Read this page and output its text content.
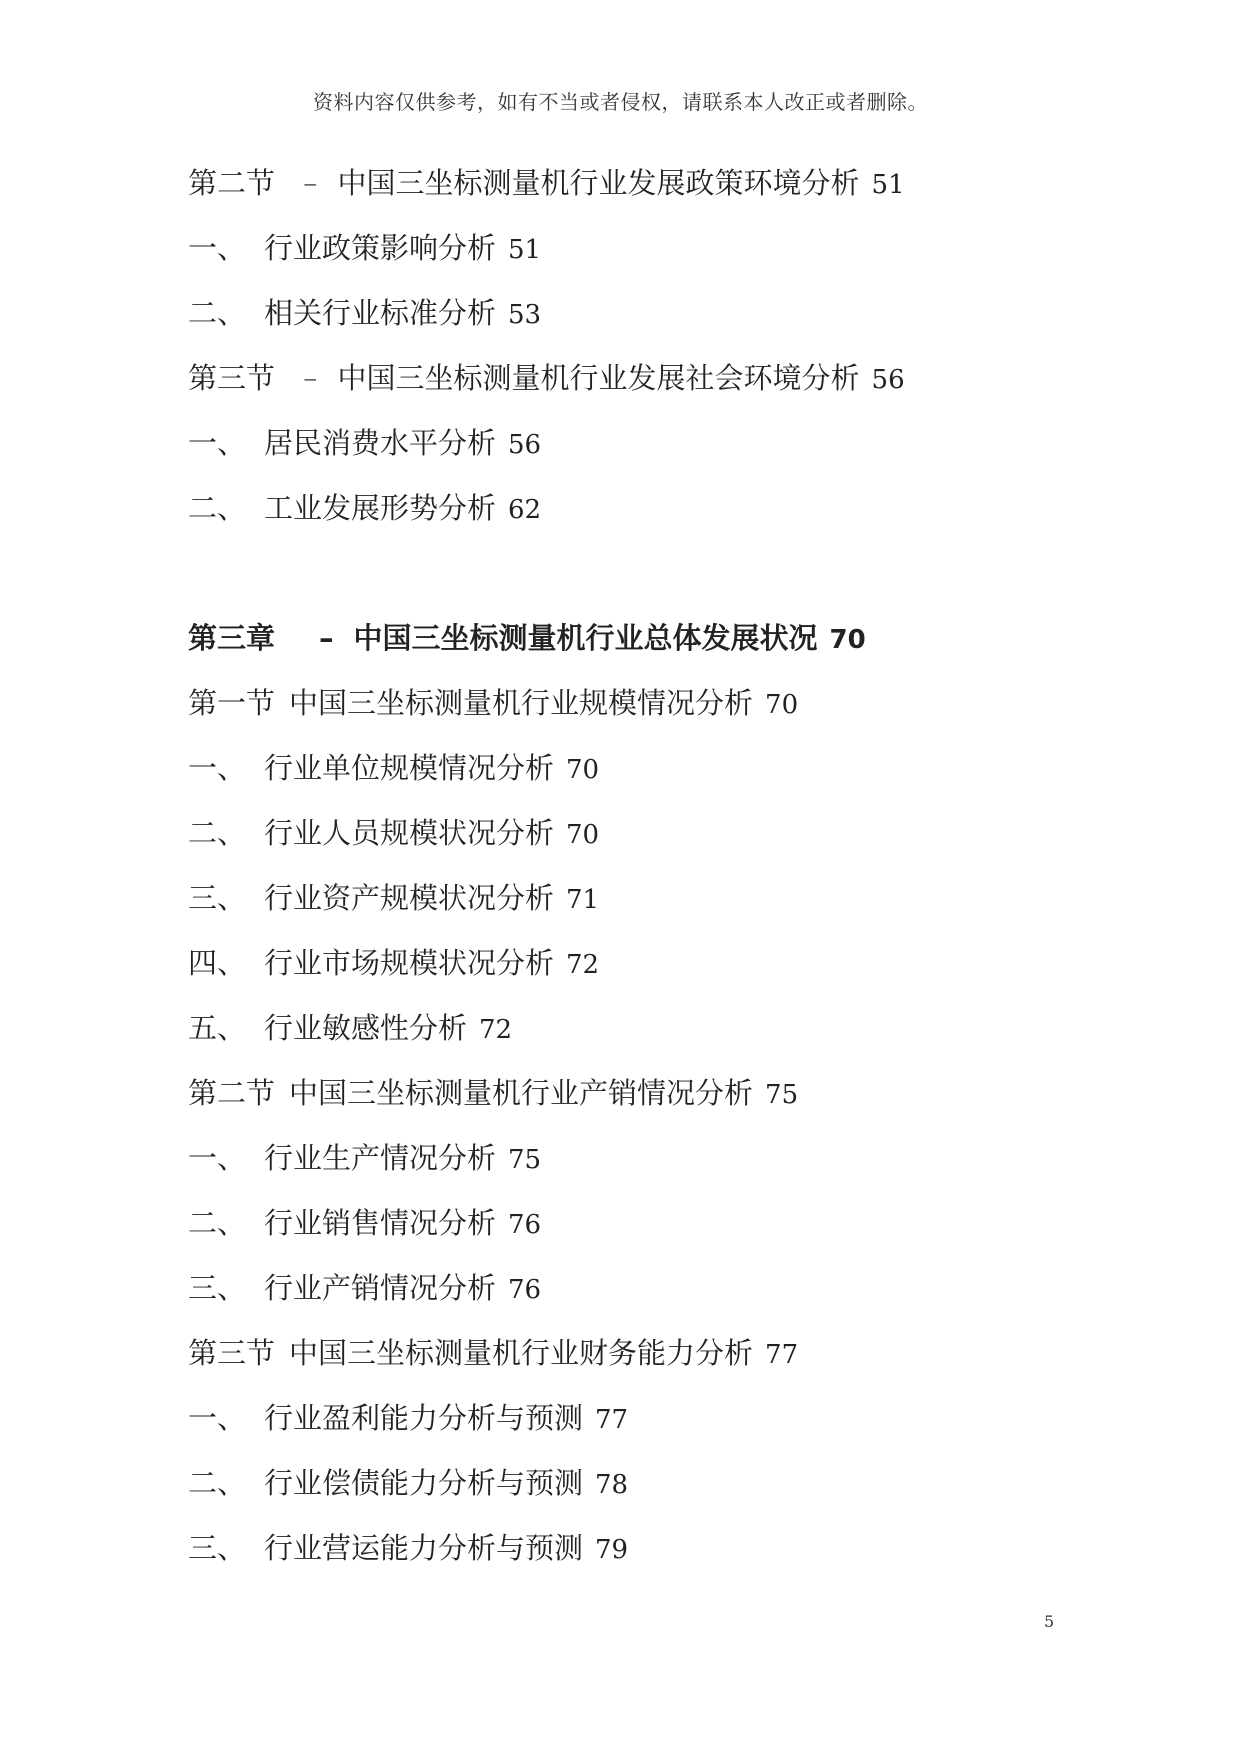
资料内容仅供参考，如有不当或者侵权，请联系本人改正或者删除。
第二节 – 中国三坐标测量机行业发展政策环境分析 51
一、 行业政策影响分析 51
二、 相关行业标准分析 53
第三节 – 中国三坐标测量机行业发展社会环境分析 56
一、 居民消费水平分析 56
二、 工业发展形势分析 62
第三章 – 中国三坐标测量机行业总体发展状况 70
第一节 中国三坐标测量机行业规模情况分析 70
一、 行业单位规模情况分析 70
二、 行业人员规模状况分析 70
三、 行业资产规模状况分析 71
四、 行业市场规模状况分析 72
五、 行业敏感性分析 72
第二节 中国三坐标测量机行业产销情况分析 75
一、 行业生产情况分析 75
二、 行业销售情况分析 76
三、 行业产销情况分析 76
第三节 中国三坐标测量机行业财务能力分析 77
一、 行业盈利能力分析与预测 77
二、 行业偿债能力分析与预测 78
三、 行业营运能力分析与预测 79
5
